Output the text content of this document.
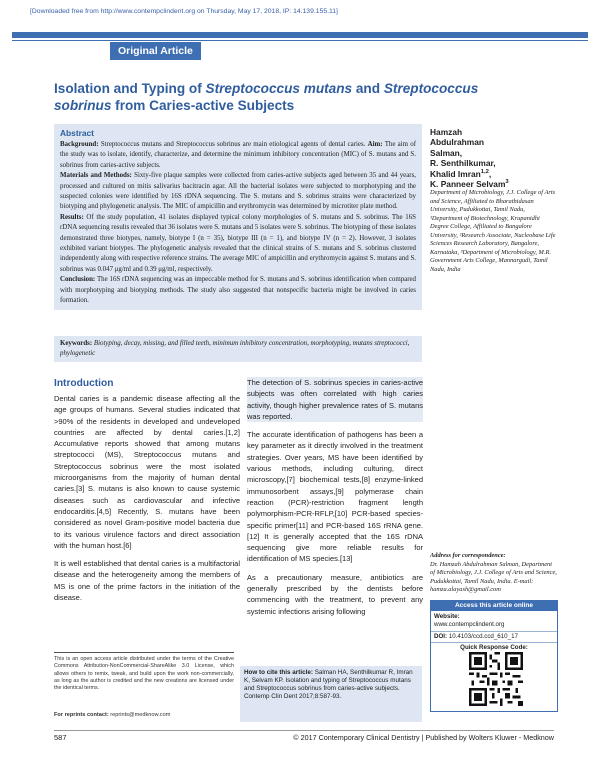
[Downloaded free from http://www.contempclindent.org on Thursday, May 17, 2018, IP: 14.139.155.11]
Original Article
Isolation and Typing of Streptococcus mutans and Streptococcus sobrinus from Caries-active Subjects
Abstract
Background: Streptococcus mutans and Streptococcus sobrinus are main etiological agents of dental caries. Aim: The aim of the study was to isolate, identify, characterize, and determine the minimum inhibitory concentration (MIC) of S. mutans and S. sobrinus from caries-active subjects.
Materials and Methods: Sixty-five plaque samples were collected from caries-active subjects aged between 35 and 44 years, processed and cultured on mitis salivarius bacitracin agar. All the bacterial isolates were subjected to morphotyping and the suspected colonies were identified by 16S rDNA sequencing. The S. mutans and S. sobrinus strains were characterized by biotyping and phylogenetic analysis. The MIC of ampicillin and erythromycin was determined by microtiter plate method.
Results: Of the study population, 41 isolates displayed typical colony morphologies of S. mutans and S. sobrinus. The 16S rDNA sequencing results revealed that 36 isolates were S. mutans and 5 isolates were S. sobrinus. The biotyping of these isolates demonstrated three biotypes, namely, biotype I (n = 35), biotype III (n = 1), and biotype IV (n = 2). However, 3 isolates exhibited variant biotypes. The phylogenetic analysis revealed that the clinical strains of S. mutans and S. sobrinus clustered independently along with respective reference strains. The average MIC of ampicillin and erythromycin against S. mutans and S. sobrinus was 0.047 μg/ml and 0.39 μg/ml, respectively.
Conclusion: The 16S rDNA sequencing was an impeccable method for S. mutans and S. sobrinus identification when compared with morphotyping and biotyping methods. The study also suggested that nonspecific bacteria might be involved in caries formation.
Keywords: Biotyping, decay, missing, and filled teeth, minimum inhibitory concentration, morphotyping, mutans streptococci, phylogenetic
Hamzah
Abdulrahman
Salman,
R. Senthilkumar,
Khalid Imran$^{1,2}$,
K. Panneer Selvam$^3$
Department of Microbiology, J.J. College of Arts and Science, Affiliated to Bharathidasan University, Pudukkottai, Tamil Nadu, ¹Department of Biotechnology, Krupanidhi Degree College, Affiliated to Bangalore University, ²Research Associate, Nucleobase Life Sciences Research Laboratory, Bangalore, Karnataka, ³Department of Microbiology, M.R. Government Arts College, Mannargudi, Tamil Nadu, India
Introduction

Dental caries is a pandemic disease affecting all the age groups of humans. Several studies indicated that >90% of the residents in developed and undeveloped countries are affected by dental caries.[1,2] Accumulative reports showed that among mutans streptococci (MS), Streptococcus mutans and Streptococcus sobrinus were the most isolated microorganisms from the majority of human dental caries.[3] S. mutans is also known to cause systemic diseases such as cardiovascular and infective endocarditis.[4,5] Recently, S. mutans have been considered as novel Gram-positive model bacteria due to its various virulence factors and direct association with the human host.[6]

It is well established that dental caries is a multifactorial disease and the heterogeneity among the members of MS is one of the prime factors in the initiation of the disease.

The detection of S. sobrinus species in caries-active subjects was often correlated with high caries activity, though higher prevalence rates of S. mutans was reported.

The accurate identification of pathogens has been a key parameter as it directly involved in the treatment strategies. Over years, MS have been identified by various methods, including culturing, direct microscopy,[7] biochemical tests,[8] enzyme-linked immunosorbent assays,[9] polymerase chain reaction (PCR)-restriction fragment length polymorphism-PCR-RFLP,[10] PCR-based species-specific primer[11] and PCR-based 16S rRNA gene.[12] It is generally accepted that the 16S rDNA sequencing give more reliable results for identification of MS species.[13]

As a precautionary measure, antibiotics are generally prescribed by the dentists before commencing with the treatment, to prevent any systemic infections arising following

Address for correspondence:
Dr. Hamzah Abdulrahman Salman, Department of Microbiology, J.J. College of Arts and Science, Pudukkottai, Tamil Nadu, India. E-mail: hamza.alayash@gmail.com
Access this article online
Website:
www.contempclindent.org
DOI: 10.4103/ccd.ccd_610_17
Quick Response Code:
How to cite this article: Salman HA, Senthilkumar R, Imran K, Selvam KP. Isolation and typing of Streptococcus mutans and Streptococcus sobrinus from caries-active subjects. Contemp Clin Dent 2017;8:587-93.
This is an open access article distributed under the terms of the Creative Commons Attribution-NonCommercial-ShareAlike 3.0 License, which allows others to remix, tweak, and build upon the work non-commercially, as long as the author is credited and the new creations are licensed under the identical terms.
For reprints contact: reprints@medknow.com
587	© 2017 Contemporary Clinical Dentistry | Published by Wolters Kluwer - Medknow
